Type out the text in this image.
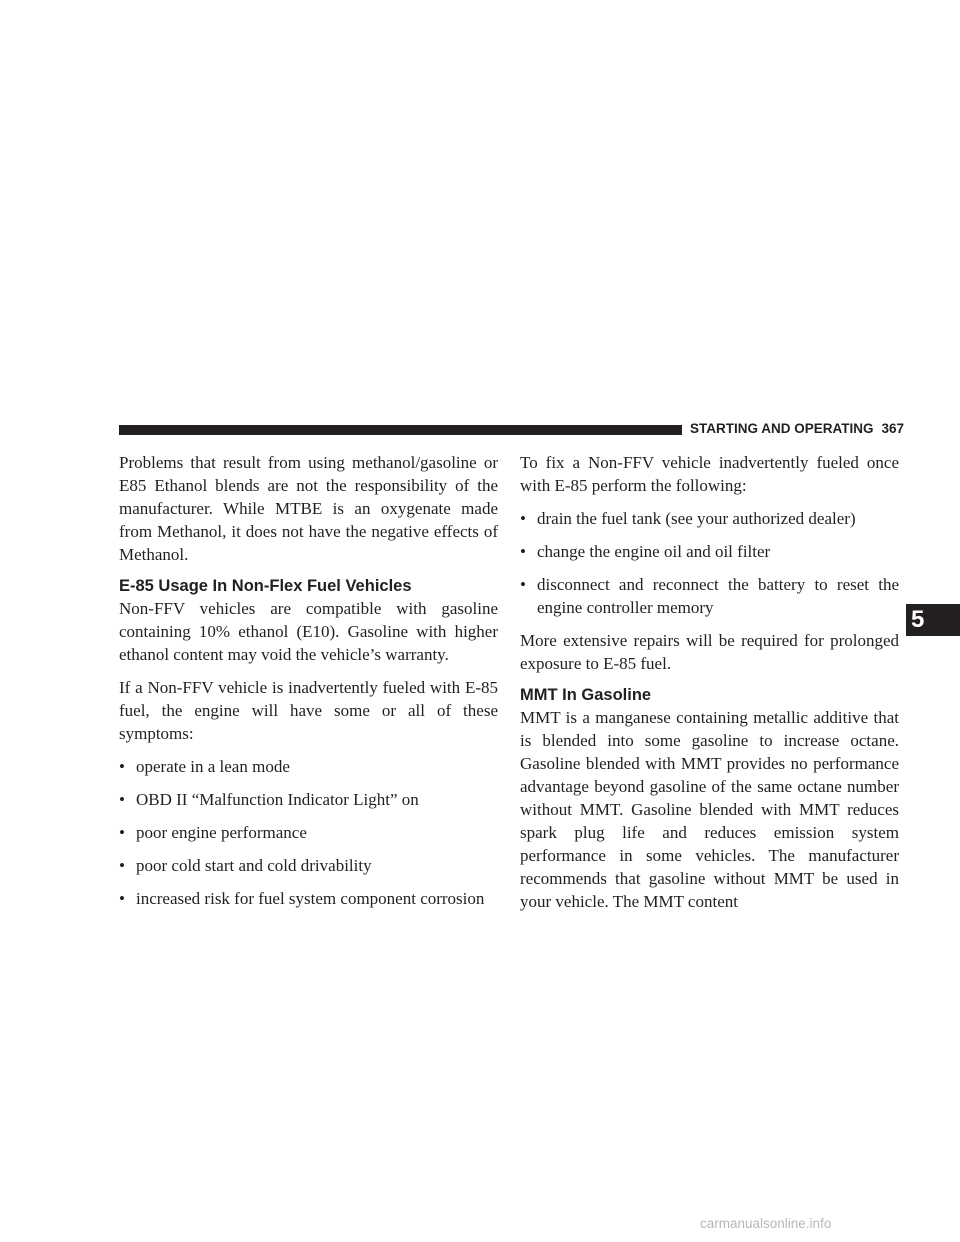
STARTING AND OPERATING 367

Problems that result from using methanol/gasoline or E85 Ethanol blends are not the responsibility of the manufacturer. While MTBE is an oxygenate made from Methanol, it does not have the negative effects of Methanol.

E-85 Usage In Non-Flex Fuel Vehicles

Non-FFV vehicles are compatible with gasoline containing 10% ethanol (E10). Gasoline with higher ethanol content may void the vehicle’s warranty.

If a Non-FFV vehicle is inadvertently fueled with E-85 fuel, the engine will have some or all of these symptoms:

• operate in a lean mode
• OBD II “Malfunction Indicator Light” on
• poor engine performance
• poor cold start and cold drivability
• increased risk for fuel system component corrosion

To fix a Non-FFV vehicle inadvertently fueled once with E-85 perform the following:

• drain the fuel tank (see your authorized dealer)
• change the engine oil and oil filter
• disconnect and reconnect the battery to reset the engine controller memory

More extensive repairs will be required for prolonged exposure to E-85 fuel.

MMT In Gasoline

MMT is a manganese containing metallic additive that is blended into some gasoline to increase octane. Gasoline blended with MMT provides no performance advantage beyond gasoline of the same octane number without MMT. Gasoline blended with MMT reduces spark plug life and reduces emission system performance in some vehicles. The manufacturer recommends that gasoline without MMT be used in your vehicle. The MMT content

5
carmanualsonline.info
